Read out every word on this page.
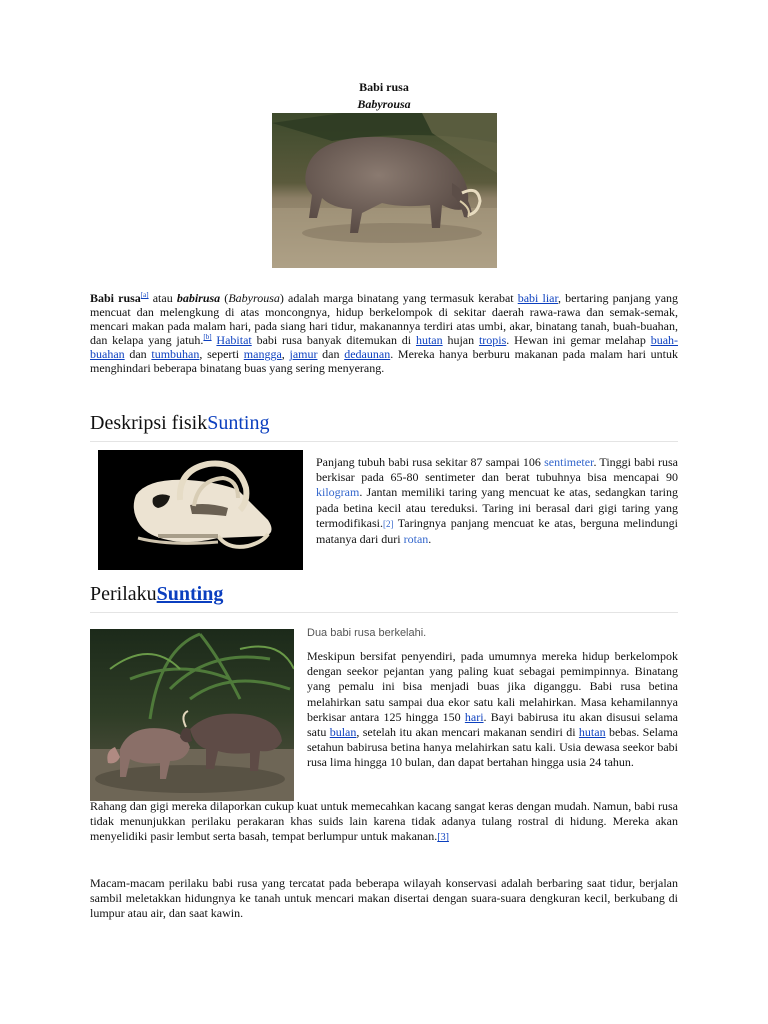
Babi rusa
Babyrousa
Babi rusa[a] atau babirusa (Babyrousa) adalah marga binatang yang termasuk kerabat babi liar, bertaring panjang yang mencuat dan melengkung di atas moncongnya, hidup berkelompok di sekitar daerah rawa-rawa dan semak-semak, mencari makan pada malam hari, pada siang hari tidur, makanannya terdiri atas umbi, akar, binatang tanah, buah-buahan, dan kelapa yang jatuh.[b] Habitat babi rusa banyak ditemukan di hutan hujan tropis. Hewan ini gemar melahap buah-buahan dan tumbuhan, seperti mangga, jamur dan dedaunan. Mereka hanya berburu makanan pada malam hari untuk menghindari beberapa binatang buas yang sering menyerang.
Deskripsi fisikSunting
Panjang tubuh babi rusa sekitar 87 sampai 106 sentimeter. Tinggi babi rusa berkisar pada 65-80 sentimeter dan berat tubuhnya bisa mencapai 90 kilogram. Jantan memiliki taring yang mencuat ke atas, sedangkan taring pada betina kecil atau tereduksi. Taring ini berasal dari gigi taring yang termodifikasi.[2] Taringnya panjang mencuat ke atas, berguna melindungi matanya dari duri rotan.
PerilakuSunting
Dua babi rusa berkelahi.
Meskipun bersifat penyendiri, pada umumnya mereka hidup berkelompok dengan seekor pejantan yang paling kuat sebagai pemimpinnya. Binatang yang pemalu ini bisa menjadi buas jika diganggu. Babi rusa betina melahirkan satu sampai dua ekor satu kali melahirkan. Masa kehamilannya berkisar antara 125 hingga 150 hari. Bayi babirusa itu akan disusui selama satu bulan, setelah itu akan mencari makanan sendiri di hutan bebas. Selama setahun babirusa betina hanya melahirkan satu kali. Usia dewasa seekor babi rusa lima hingga 10 bulan, dan dapat bertahan hingga usia 24 tahun.
Rahang dan gigi mereka dilaporkan cukup kuat untuk memecahkan kacang sangat keras dengan mudah. Namun, babi rusa tidak menunjukkan perilaku perakaran khas suids lain karena tidak adanya tulang rostral di hidung. Mereka akan menyelidiki pasir lembut serta basah, tempat berlumpur untuk makanan.[3]
Macam-macam perilaku babi rusa yang tercatat pada beberapa wilayah konservasi adalah berbaring saat tidur, berjalan sambil meletakkan hidungnya ke tanah untuk mencari makan disertai dengan suara-suara dengkuran kecil, berkubang di lumpur atau air, dan saat kawin.
